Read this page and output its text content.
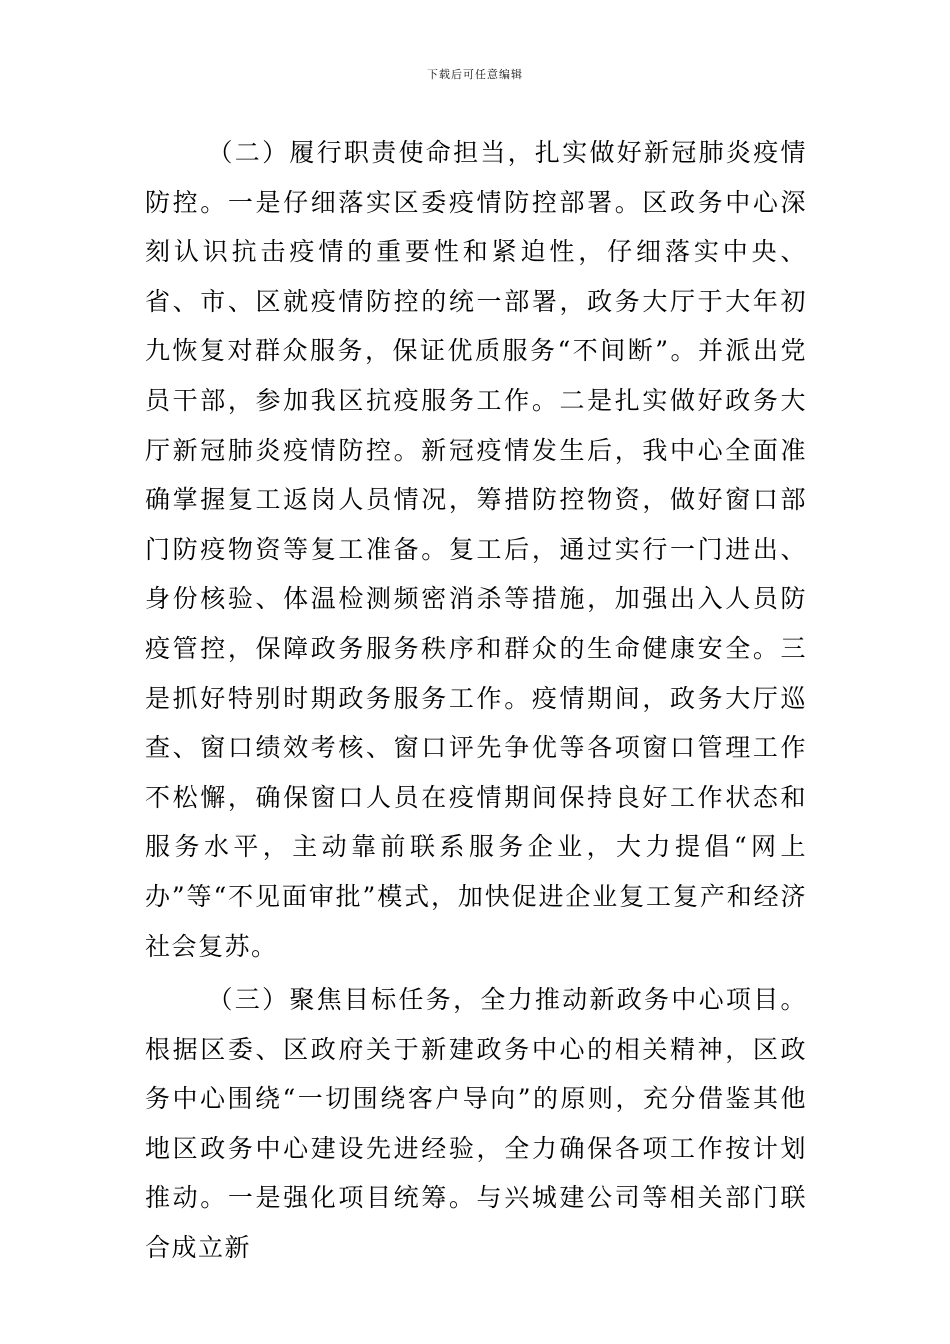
下载后可任意编辑

（二）履行职责使命担当，扎实做好新冠肺炎疫情防控。一是仔细落实区委疫情防控部署。区政务中心深刻认识抗击疫情的重要性和紧迫性，仔细落实中央、省、市、区就疫情防控的统一部署，政务大厅于大年初九恢复对群众服务，保证优质服务“不间断”。并派出党员干部，参加我区抗疫服务工作。二是扎实做好政务大厅新冠肺炎疫情防控。新冠疫情发生后，我中心全面准确掌握复工返岗人员情况，筹措防控物资，做好窗口部门防疫物资等复工准备。复工后，通过实行一门进出、身份核验、体温检测频密消杀等措施，加强出入人员防疫管控，保障政务服务秩序和群众的生命健康安全。三是抓好特别时期政务服务工作。疫情期间，政务大厅巡查、窗口绩效考核、窗口评先争优等各项窗口管理工作不松懈，确保窗口人员在疫情期间保持良好工作状态和服务水平，主动靠前联系服务企业，大力提倡“网上办”等“不见面审批”模式，加快促进企业复工复产和经济社会复苏。

（三）聚焦目标任务，全力推动新政务中心项目。根据区委、区政府关于新建政务中心的相关精神，区政务中心围绕“一切围绕客户导向”的原则，充分借鉴其他地区政务中心建设先进经验，全力确保各项工作按计划推动。一是强化项目统筹。与兴城建公司等相关部门联合成立新
